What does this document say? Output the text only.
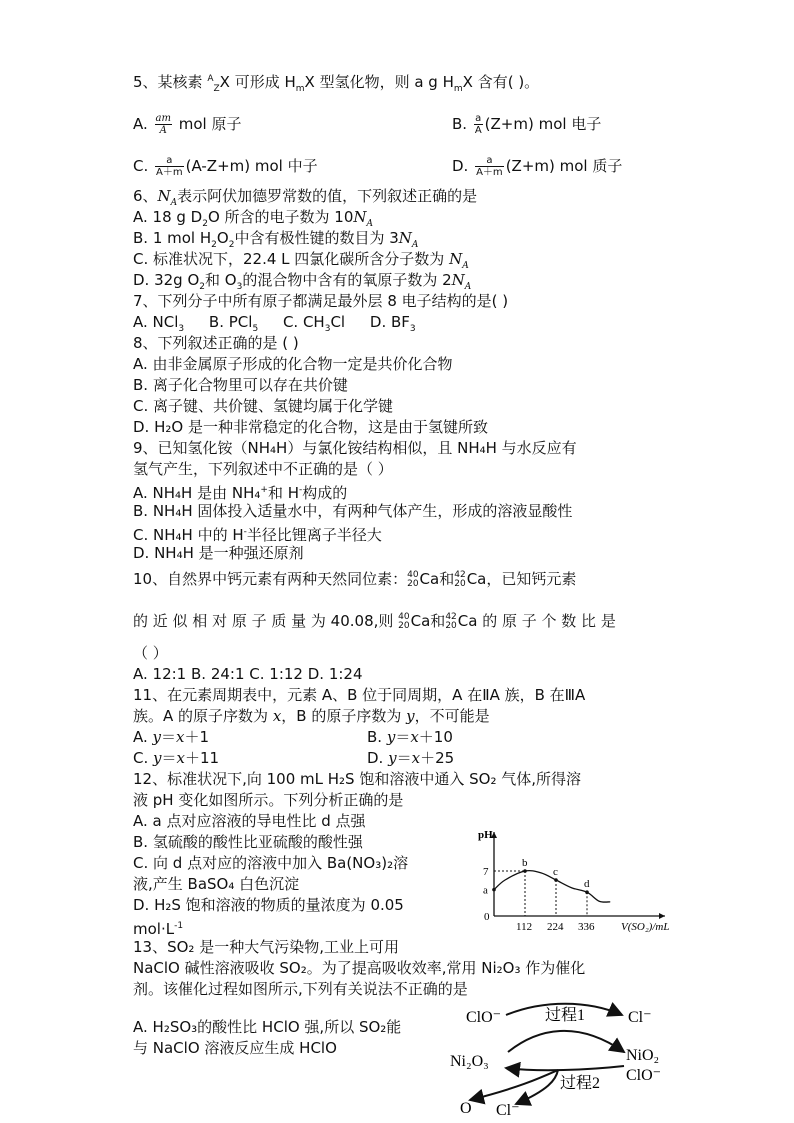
5、某核素 $^A_Z$X 可形成 $H_mX$ 型氢化物，则 a g $H_mX$ 含有( )。
A. $\frac{am}{A}$ mol 原子	B. $\frac{a}{A} (Z+m)$ mol 电子
C. $\frac{a}{A+m} (A-Z+m)$ mol 中子	D. $\frac{a}{A+m} (Z+m)$ mol 质子
6、$N_A$表示阿伏加德罗常数的值，下列叙述正确的是
A. 18 g $D_2O$ 所含的电子数为 $10N_A$
B. 1 mol $H_2O_2$中含有极性键的数目为 $3N_A$
C. 标准状况下，22.4 L 四氯化碳所含分子数为 $N_A$
D. 32g $O_2$和 $O_3$的混合物中含有的氧原子数为 $2N_A$
7、下列分子中所有原子都满足最外层 8 电子结构的是( )
A. NCl$_3$ B. PCl$_5$ C. $CH_3Cl$ D. $BF_3$
8、下列叙述正确的是 ( )
A. 由非金属原子形成的化合物一定是共价化合物
B. 离子化合物里可以存在共价键
C. 离子键、共价键、氢键均属于化学键
D. H₂O 是一种非常稳定的化合物，这是由于氢键所致
9、已知氢化铵（NH₄H）与氯化铵结构相似，且 NH₄H 与水反应有
氢气产生，下列叙述中不正确的是（ ）
A. NH₄H 是由 NH₄+和 H-构成的
B. NH₄H 固体投入适量水中，有两种气体产生，形成的溶液显酸性
C. NH₄H 中的 H-半径比锂离子半径大
D. NH₄H 是一种强还原剂
10、自然界中钙元素有两种天然同位素： 40
20 Ca和 42
20 Ca，已知钙元素
的 近 似 相 对 原 子 质 量 为 40.08,则 40
20 Ca和 42
20 Ca 的 原 子 个 数 比 是
（ ）
A. 12:1 B. 24:1 C. 1:12 D. 1:24
11、在元素周期表中，元素 A、B 位于同周期，A 在ⅡA 族，B 在ⅢA
族。A 的原子序数为 x，B 的原子序数为 y，不可能是
A. y＝x＋1	B. y＝x＋10
C. y＝x＋11	D. y＝x＋25
12、标准状况下,向 100 mL H₂S 饱和溶液中通入 SO₂ 气体,所得溶
液 pH 变化如图所示。下列分析正确的是
A. a 点对应溶液的导电性比 d 点强
B. 氢硫酸的酸性比亚硫酸的酸性强
C. 向 d 点对应的溶液中加入 Ba(NO₃)₂溶
液,产生 BaSO₄ 白色沉淀
D. H₂S 饱和溶液的物质的量浓度为 0.05
$mol\cdot L^{-1}$
a
b
c
d
pH
V(SO₂)/mL
0
112 224 336
7
13、SO₂ 是一种大气污染物,工业上可用
NaClO 碱性溶液吸收 SO₂。为了提高吸收效率,常用 Ni₂O₃ 作为催化
剂。该催化过程如图所示,下列有关说法不正确的是
A. H₂SO₃的酸性比 HClO 强,所以 SO₂能
与 NaClO 溶液反应生成 HClO
ClO⁻	过程1	Cl⁻
Ni₂O₃	NiO₂
ClO⁻
过程2
O Cl⁻
